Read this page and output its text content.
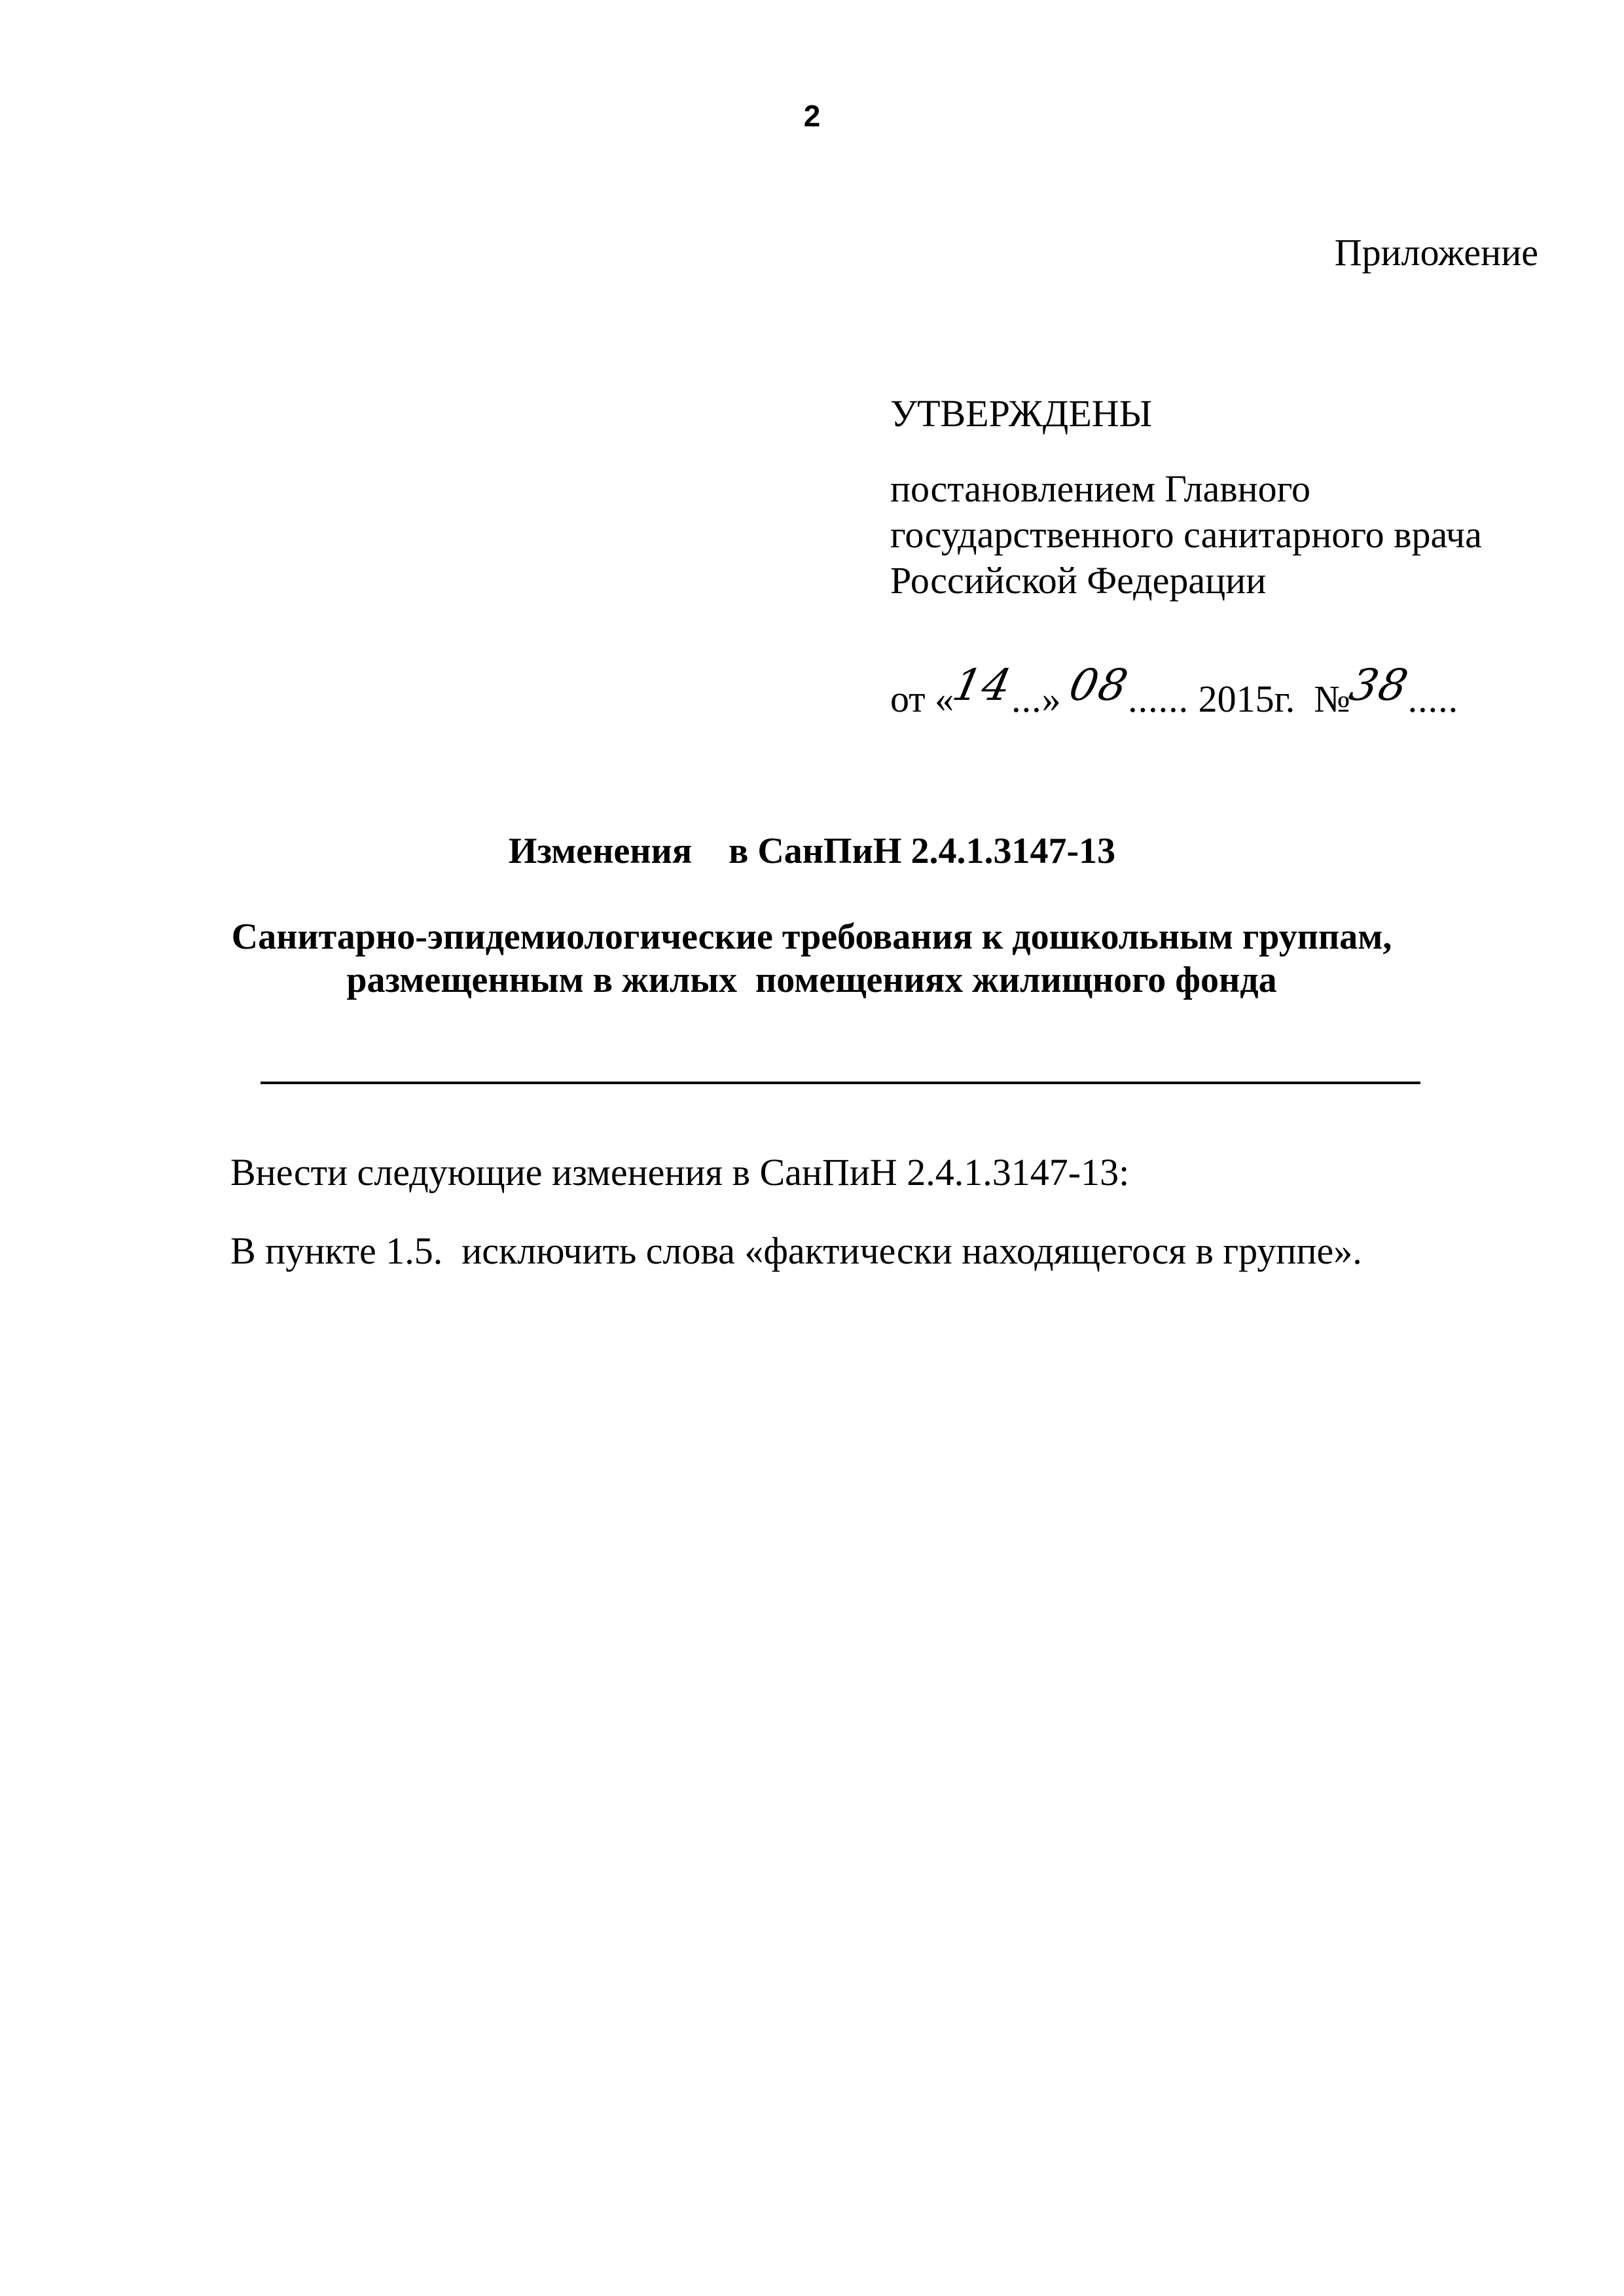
2
Приложение
УТВЕРЖДЕНЫ
постановлением Главного
государственного санитарного врача
Российской Федерации
от «14...» 08...... 2015г.  №38.....
Изменения    в СанПиН 2.4.1.3147-13
Санитарно-эпидемиологические требования к дошкольным группам,
размещенным в жилых  помещениях жилищного фонда
Внести следующие изменения в СанПиН 2.4.1.3147-13:
В пункте 1.5.  исключить слова «фактически находящегося в группе».
